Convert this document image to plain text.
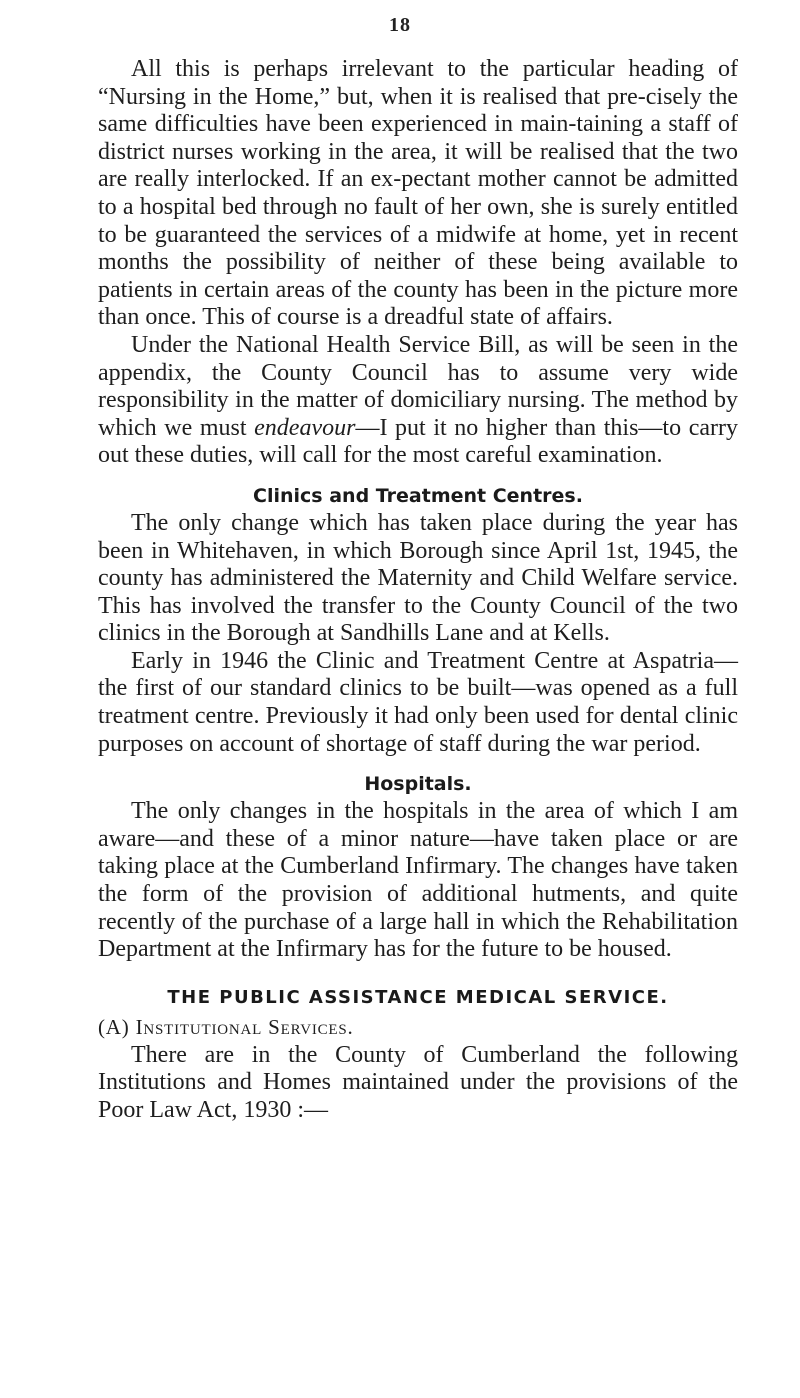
18

All this is perhaps irrelevant to the particular heading of “Nursing in the Home,” but, when it is realised that pre-cisely the same difficulties have been experienced in main-taining a staff of district nurses working in the area, it will be realised that the two are really interlocked. If an ex-pectant mother cannot be admitted to a hospital bed through no fault of her own, she is surely entitled to be guaranteed the services of a midwife at home, yet in recent months the possibility of neither of these being available to patients in certain areas of the county has been in the picture more than once. This of course is a dreadful state of affairs.

Under the National Health Service Bill, as will be seen in the appendix, the County Council has to assume very wide responsibility in the matter of domiciliary nursing. The method by which we must endeavour—I put it no higher than this—to carry out these duties, will call for the most careful examination.

Clinics and Treatment Centres.

The only change which has taken place during the year has been in Whitehaven, in which Borough since April 1st, 1945, the county has administered the Maternity and Child Welfare service. This has involved the transfer to the County Council of the two clinics in the Borough at Sandhills Lane and at Kells.

Early in 1946 the Clinic and Treatment Centre at Aspatria—the first of our standard clinics to be built—was opened as a full treatment centre. Previously it had only been used for dental clinic purposes on account of shortage of staff during the war period.

Hospitals.

The only changes in the hospitals in the area of which I am aware—and these of a minor nature—have taken place or are taking place at the Cumberland Infirmary. The changes have taken the form of the provision of additional hutments, and quite recently of the purchase of a large hall in which the Rehabilitation Department at the Infirmary has for the future to be housed.

THE PUBLIC ASSISTANCE MEDICAL SERVICE.
(A) Institutional Services.

There are in the County of Cumberland the following Institutions and Homes maintained under the provisions of the Poor Law Act, 1930 :—
